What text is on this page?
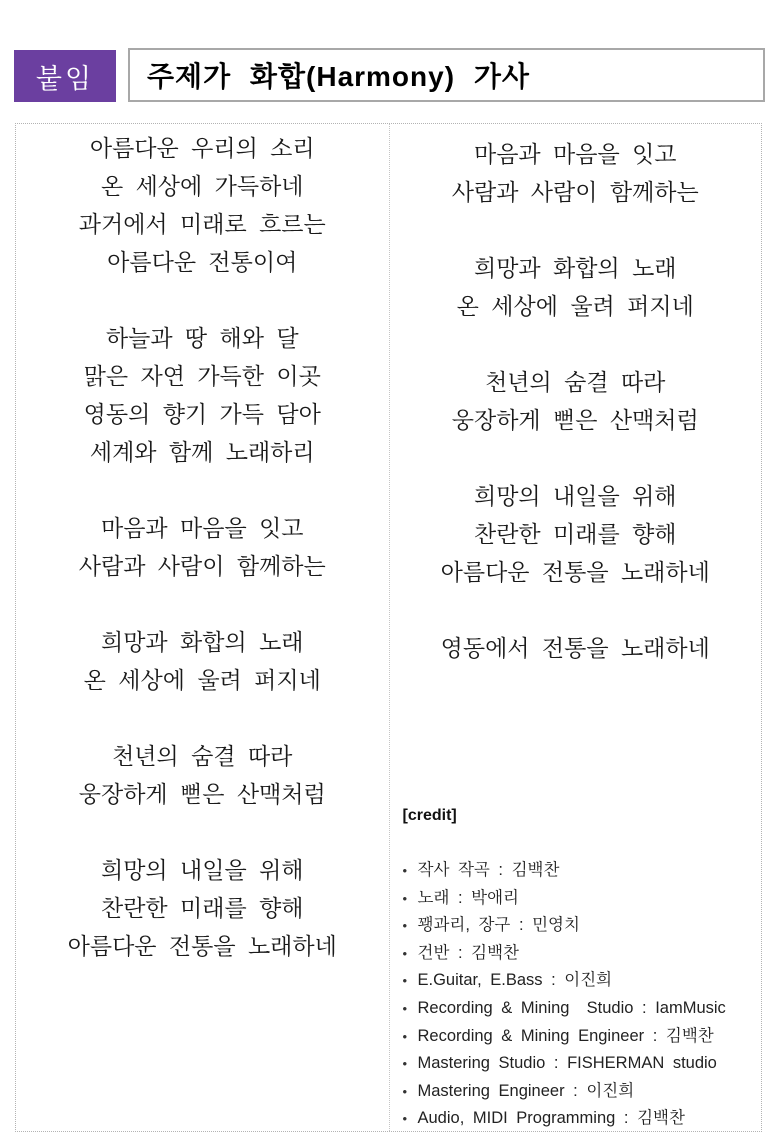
붙임	주제가 화합(Harmony) 가사
아름다운 우리의 소리
온 세상에 가득하네
과거에서 미래로 흐르는
아름다운 전통이여
하늘과 땅 해와 달
맑은 자연 가득한 이곳
영동의 향기 가득 담아
세계와 함께 노래하리
마음과 마음을 잇고
사람과 사람이 함께하는
희망과 화합의 노래
온 세상에 울려 퍼지네
천년의 숨결 따라
웅장하게 뻗은 산맥처럼
희망의 내일을 위해
찬란한 미래를 향해
아름다운 전통을 노래하네
마음과 마음을 잇고
사람과 사람이 함께하는
희망과 화합의 노래
온 세상에 울려 퍼지네
천년의 숨결 따라
웅장하게 뻗은 산맥처럼
희망의 내일을 위해
찬란한 미래를 향해
아름다운 전통을 노래하네
영동에서 전통을 노래하네
[credit]
• 작사 작곡 : 김백찬
• 노래 : 박애리
• 꽹과리, 장구 : 민영치
• 건반 : 김백찬
• E.Guitar, E.Bass : 이진희
• Recording & Mining  Studio : IamMusic
• Recording & Mining Engineer : 김백찬
• Mastering Studio : FISHERMAN studio
• Mastering Engineer : 이진희
• Audio, MIDI Programming : 김백찬
